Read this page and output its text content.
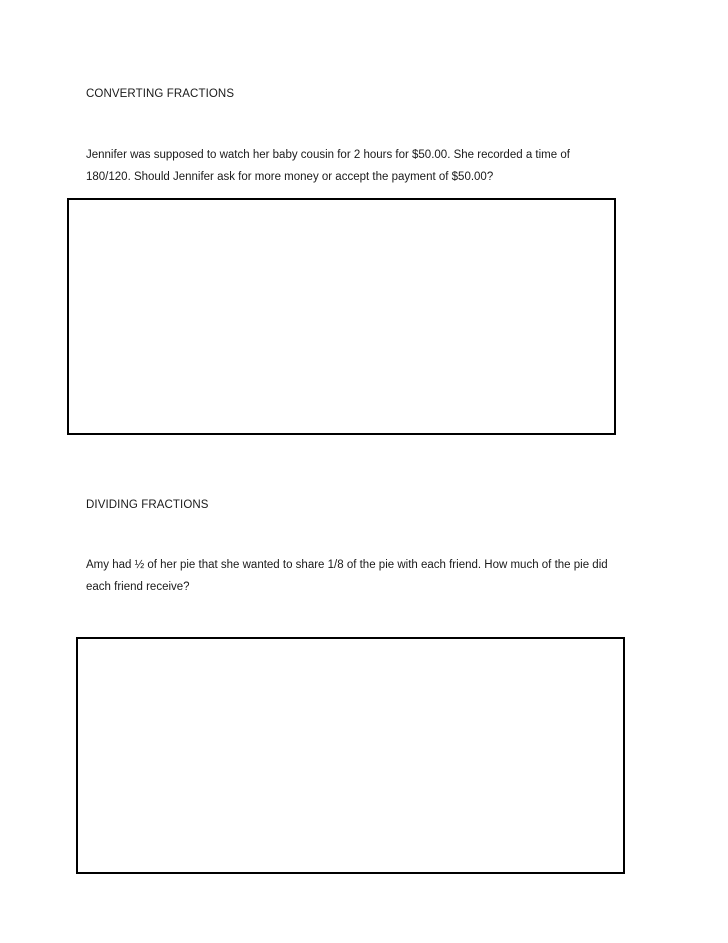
CONVERTING FRACTIONS
Jennifer was supposed to watch her baby cousin for 2 hours for $50.00. She recorded a time of
180/120. Should Jennifer ask for more money or accept the payment of $50.00?
DIVIDING FRACTIONS
Amy had ½ of her pie that she wanted to share 1/8 of the pie with each friend. How much of the pie did
each friend receive?
